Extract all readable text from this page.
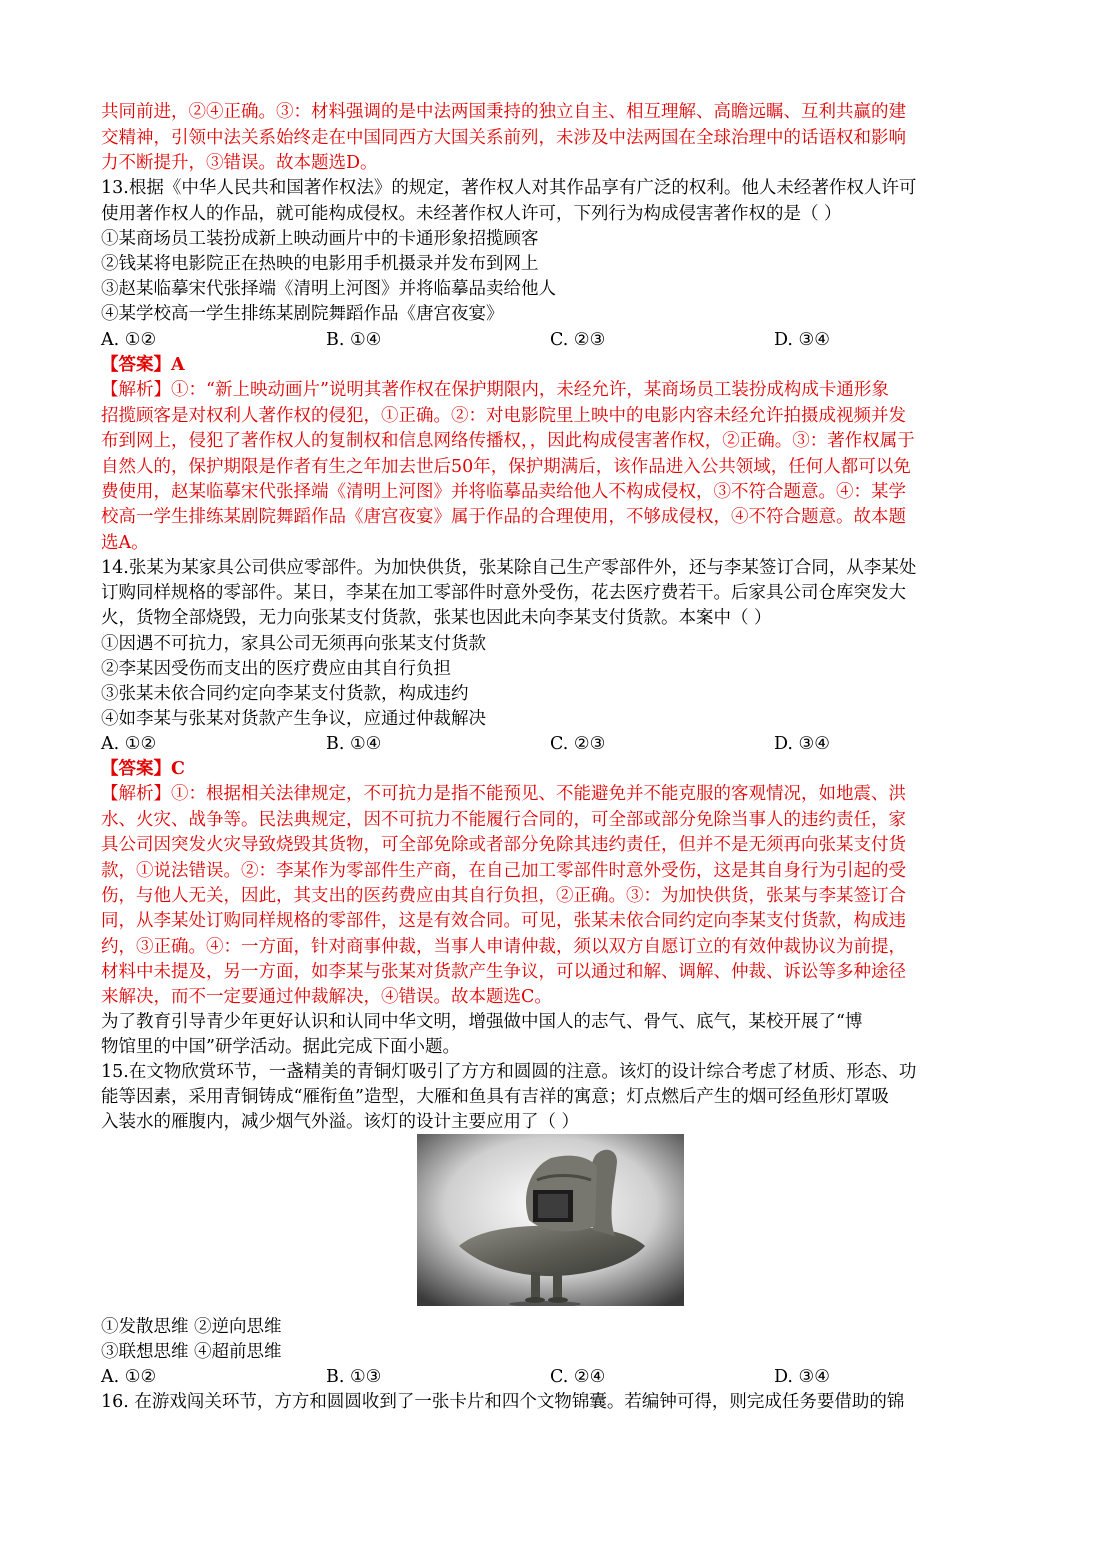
共同前进，②④正确。③：材料强调的是中法两国秉持的独立自主、相互理解、高瞻远瞩、互利共赢的建
交精神，引领中法关系始终走在中国同西方大国关系前列，未涉及中法两国在全球治理中的话语权和影响
力不断提升，③错误。故本题选D。
13.根据《中华人民共和国著作权法》的规定，著作权人对其作品享有广泛的权利。他人未经著作权人许可
使用著作权人的作品，就可能构成侵权。未经著作权人许可，下列行为构成侵害著作权的是（ ）
①某商场员工装扮成新上映动画片中的卡通形象招揽顾客
②钱某将电影院正在热映的电影用手机摄录并发布到网上
③赵某临摹宋代张择端《清明上河图》并将临摹品卖给他人
④某学校高一学生排练某剧院舞蹈作品《唐宫夜宴》
A. ①②	B. ①④	C. ②③	D. ③④
【答案】A
【解析】①：“新上映动画片”说明其著作权在保护期限内，未经允许，某商场员工装扮成构成卡通形象
招揽顾客是对权利人著作权的侵犯，①正确。②：对电影院里上映中的电影内容未经允许拍摄成视频并发
布到网上，侵犯了著作权人的复制权和信息网络传播权，，因此构成侵害著作权，②正确。③：著作权属于
自然人的，保护期限是作者有生之年加去世后50年，保护期满后，该作品进入公共领域，任何人都可以免
费使用，赵某临摹宋代张择端《清明上河图》并将临摹品卖给他人不构成侵权，③不符合题意。④：某学
校高一学生排练某剧院舞蹈作品《唐宫夜宴》属于作品的合理使用，不够成侵权，④不符合题意。故本题
选A。
14.张某为某家具公司供应零部件。为加快供货，张某除自己生产零部件外，还与李某签订合同，从李某处
订购同样规格的零部件。某日，李某在加工零部件时意外受伤，花去医疗费若干。后家具公司仓库突发大
火，货物全部烧毁，无力向张某支付货款，张某也因此未向李某支付货款。本案中（ ）
①因遇不可抗力，家具公司无须再向张某支付货款
②李某因受伤而支出的医疗费应由其自行负担
③张某未依合同约定向李某支付货款，构成违约
④如李某与张某对货款产生争议，应通过仲裁解决
A. ①②	B. ①④	C. ②③	D. ③④
【答案】C
【解析】①：根据相关法律规定，不可抗力是指不能预见、不能避免并不能克服的客观情况，如地震、洪
水、火灾、战争等。民法典规定，因不可抗力不能履行合同的，可全部或部分免除当事人的违约责任，家
具公司因突发火灾导致烧毁其货物，可全部免除或者部分免除其违约责任，但并不是无须再向张某支付货
款，①说法错误。②：李某作为零部件生产商，在自己加工零部件时意外受伤，这是其自身行为引起的受
伤，与他人无关，因此，其支出的医药费应由其自行负担，②正确。③：为加快供货，张某与李某签订合
同，从李某处订购同样规格的零部件，这是有效合同。可见，张某未依合同约定向李某支付货款，构成违
约，③正确。④：一方面，针对商事仲裁，当事人申请仲裁，须以双方自愿订立的有效仲裁协议为前提，
材料中未提及，另一方面，如李某与张某对货款产生争议，可以通过和解、调解、仲裁、诉讼等多种途径
来解决，而不一定要通过仲裁解决，④错误。故本题选C。
为了教育引导青少年更好认识和认同中华文明，增强做中国人的志气、骨气、底气，某校开展了“博
物馆里的中国”研学活动。据此完成下面小题。
15.在文物欣赏环节，一盏精美的青铜灯吸引了方方和圆圆的注意。该灯的设计综合考虑了材质、形态、功
能等因素，采用青铜铸成“雁衔鱼”造型，大雁和鱼具有吉祥的寓意；灯点燃后产生的烟可经鱼形灯罩吸
入装水的雁腹内，减少烟气外溢。该灯的设计主要应用了（ ）
①发散思维 ②逆向思维
③联想思维 ④超前思维
A. ①②	B. ①③	C. ②④	D. ③④
16. 在游戏闯关环节，方方和圆圆收到了一张卡片和四个文物锦囊。若编钟可得，则完成任务要借助的锦
